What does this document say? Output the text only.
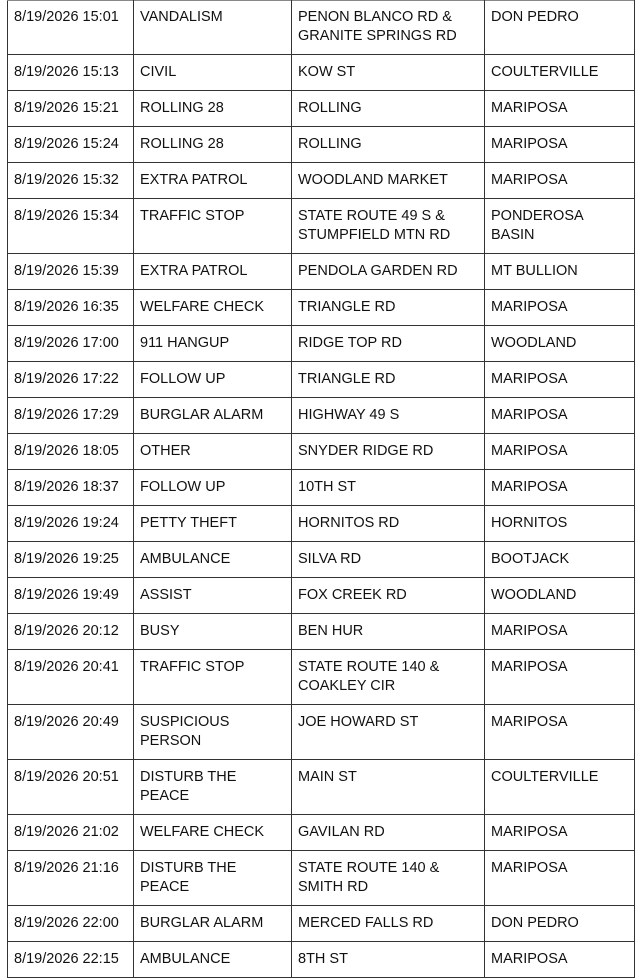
8/19/2026 15:01	VANDALISM	PENON BLANCO RD & GRANITE SPRINGS RD	DON PEDRO
8/19/2026 15:13	CIVIL	KOW ST	COULTERVILLE
8/19/2026 15:21	ROLLING 28	ROLLING	MARIPOSA
8/19/2026 15:24	ROLLING 28	ROLLING	MARIPOSA
8/19/2026 15:32	EXTRA PATROL	WOODLAND MARKET	MARIPOSA
8/19/2026 15:34	TRAFFIC STOP	STATE ROUTE 49 S & STUMPFIELD MTN RD	PONDEROSA BASIN
8/19/2026 15:39	EXTRA PATROL	PENDOLA GARDEN RD	MT BULLION
8/19/2026 16:35	WELFARE CHECK	TRIANGLE RD	MARIPOSA
8/19/2026 17:00	911 HANGUP	RIDGE TOP RD	WOODLAND
8/19/2026 17:22	FOLLOW UP	TRIANGLE RD	MARIPOSA
8/19/2026 17:29	BURGLAR ALARM	HIGHWAY 49 S	MARIPOSA
8/19/2026 18:05	OTHER	SNYDER RIDGE RD	MARIPOSA
8/19/2026 18:37	FOLLOW UP	10TH ST	MARIPOSA
8/19/2026 19:24	PETTY THEFT	HORNITOS RD	HORNITOS
8/19/2026 19:25	AMBULANCE	SILVA RD	BOOTJACK
8/19/2026 19:49	ASSIST	FOX CREEK RD	WOODLAND
8/19/2026 20:12	BUSY	BEN HUR	MARIPOSA
8/19/2026 20:41	TRAFFIC STOP	STATE ROUTE 140 & COAKLEY CIR	MARIPOSA
8/19/2026 20:49	SUSPICIOUS PERSON	JOE HOWARD ST	MARIPOSA
8/19/2026 20:51	DISTURB THE PEACE	MAIN ST	COULTERVILLE
8/19/2026 21:02	WELFARE CHECK	GAVILAN RD	MARIPOSA
8/19/2026 21:16	DISTURB THE PEACE	STATE ROUTE 140 & SMITH RD	MARIPOSA
8/19/2026 22:00	BURGLAR ALARM	MERCED FALLS RD	DON PEDRO
8/19/2026 22:15	AMBULANCE	8TH ST	MARIPOSA
